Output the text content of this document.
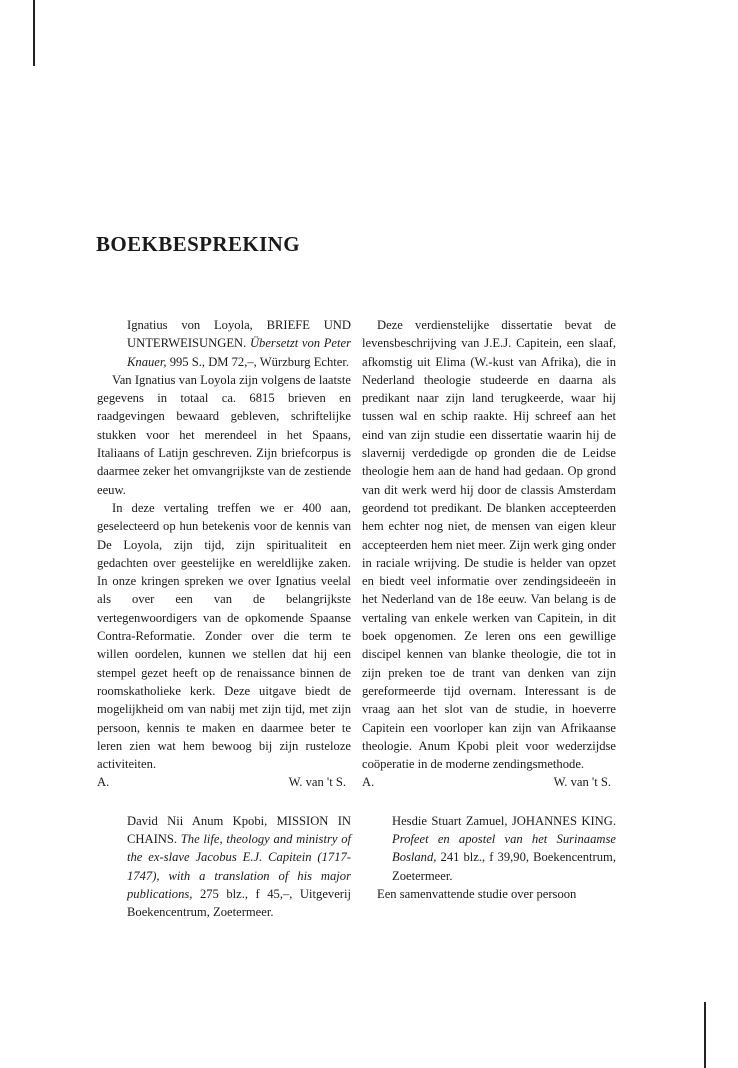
BOEKBESPREKING

Ignatius von Loyola, BRIEFE UND UNTERWEISUNGEN. Übersetzt von Peter Knauer, 995 S., DM 72,–, Würzburg Echter.

Van Ignatius van Loyola zijn volgens de laatste gegevens in totaal ca. 6815 brieven en raadgevingen bewaard gebleven, schriftelijke stukken voor het merendeel in het Spaans, Italiaans of Latijn geschreven. Zijn briefcorpus is daarmee zeker het omvangrijkste van de zestiende eeuw.

In deze vertaling treffen we er 400 aan, geselecteerd op hun betekenis voor de kennis van De Loyola, zijn tijd, zijn spiritualiteit en gedachten over geestelijke en wereldlijke zaken. In onze kringen spreken we over Ignatius veelal als over een van de belangrijkste vertegenwoordigers van de opkomende Spaanse Contra-Reformatie. Zonder over die term te willen oordelen, kunnen we stellen dat hij een stempel gezet heeft op de renaissance binnen de roomskatholieke kerk. Deze uitgave biedt de mogelijkheid om van nabij met zijn tijd, met zijn persoon, kennis te maken en daarmee beter te leren zien wat hem bewoog bij zijn rusteloze activiteiten.

A.	W. van 't S.

David Nii Anum Kpobi, MISSION IN CHAINS. The life, theology and ministry of the ex-slave Jacobus E.J. Capitein (1717-1747), with a translation of his major publications, 275 blz., f 45,–, Uitgeverij Boekencentrum, Zoetermeer.

Deze verdienstelijke dissertatie bevat de levensbeschrijving van J.E.J. Capitein, een slaaf, afkomstig uit Elima (W.-kust van Afrika), die in Nederland theologie studeerde en daarna als predikant naar zijn land terugkeerde, waar hij tussen wal en schip raakte. Hij schreef aan het eind van zijn studie een dissertatie waarin hij de slavernij verdedigde op gronden die de Leidse theologie hem aan de hand had gedaan. Op grond van dit werk werd hij door de classis Amsterdam geordend tot predikant. De blanken accepteerden hem echter nog niet, de mensen van eigen kleur accepteerden hem niet meer. Zijn werk ging onder in raciale wrijving. De studie is helder van opzet en biedt veel informatie over zendingsideeën in het Nederland van de 18e eeuw. Van belang is de vertaling van enkele werken van Capitein, in dit boek opgenomen. Ze leren ons een gewillige discipel kennen van blanke theologie, die tot in zijn preken toe de trant van denken van zijn gereformeerde tijd overnam. Interessant is de vraag aan het slot van de studie, in hoeverre Capitein een voorloper kan zijn van Afrikaanse theologie. Anum Kpobi pleit voor wederzijdse coöperatie in de moderne zendingsmethode.

A.	W. van 't S.

Hesdie Stuart Zamuel, JOHANNES KING. Profeet en apostel van het Surinaamse Bosland, 241 blz., f 39,90, Boekencentrum, Zoetermeer.

Een samenvattende studie over persoon
